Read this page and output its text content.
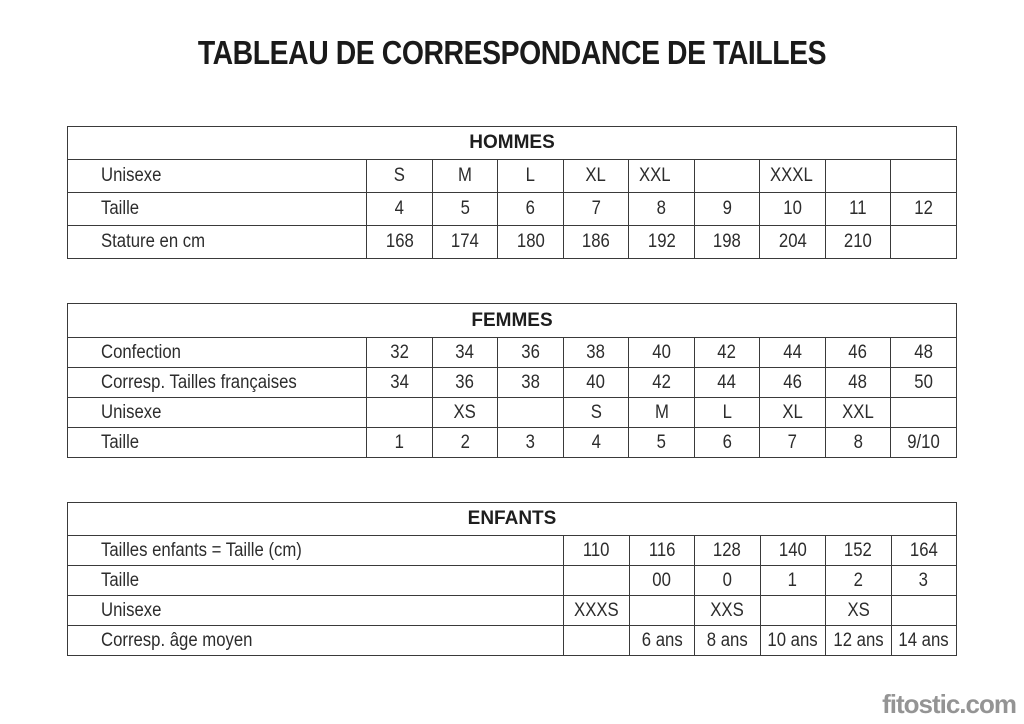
TABLEAU DE CORRESPONDANCE DE TAILLES
HOMMES									
Unisexe	S	M	L	XL	XXL		XXXL		
Taille	4	5	6	7	8	9	10	11	12
Stature en cm	168	174	180	186	192	198	204	210	
FEMMES									
Confection	32	34	36	38	40	42	44	46	48
Corresp. Tailles françaises	34	36	38	40	42	44	46	48	50
Unisexe		XS		S	M	L	XL	XXL	
Taille	1	2	3	4	5	6	7	8	9/10
ENFANTS						
Tailles enfants = Taille (cm)	110	116	128	140	152	164
Taille		00	0	1	2	3
Unisexe	XXXS		XXS		XS	
Corresp. âge moyen		6 ans	8 ans	10 ans	12 ans	14 ans
fitostic.com
